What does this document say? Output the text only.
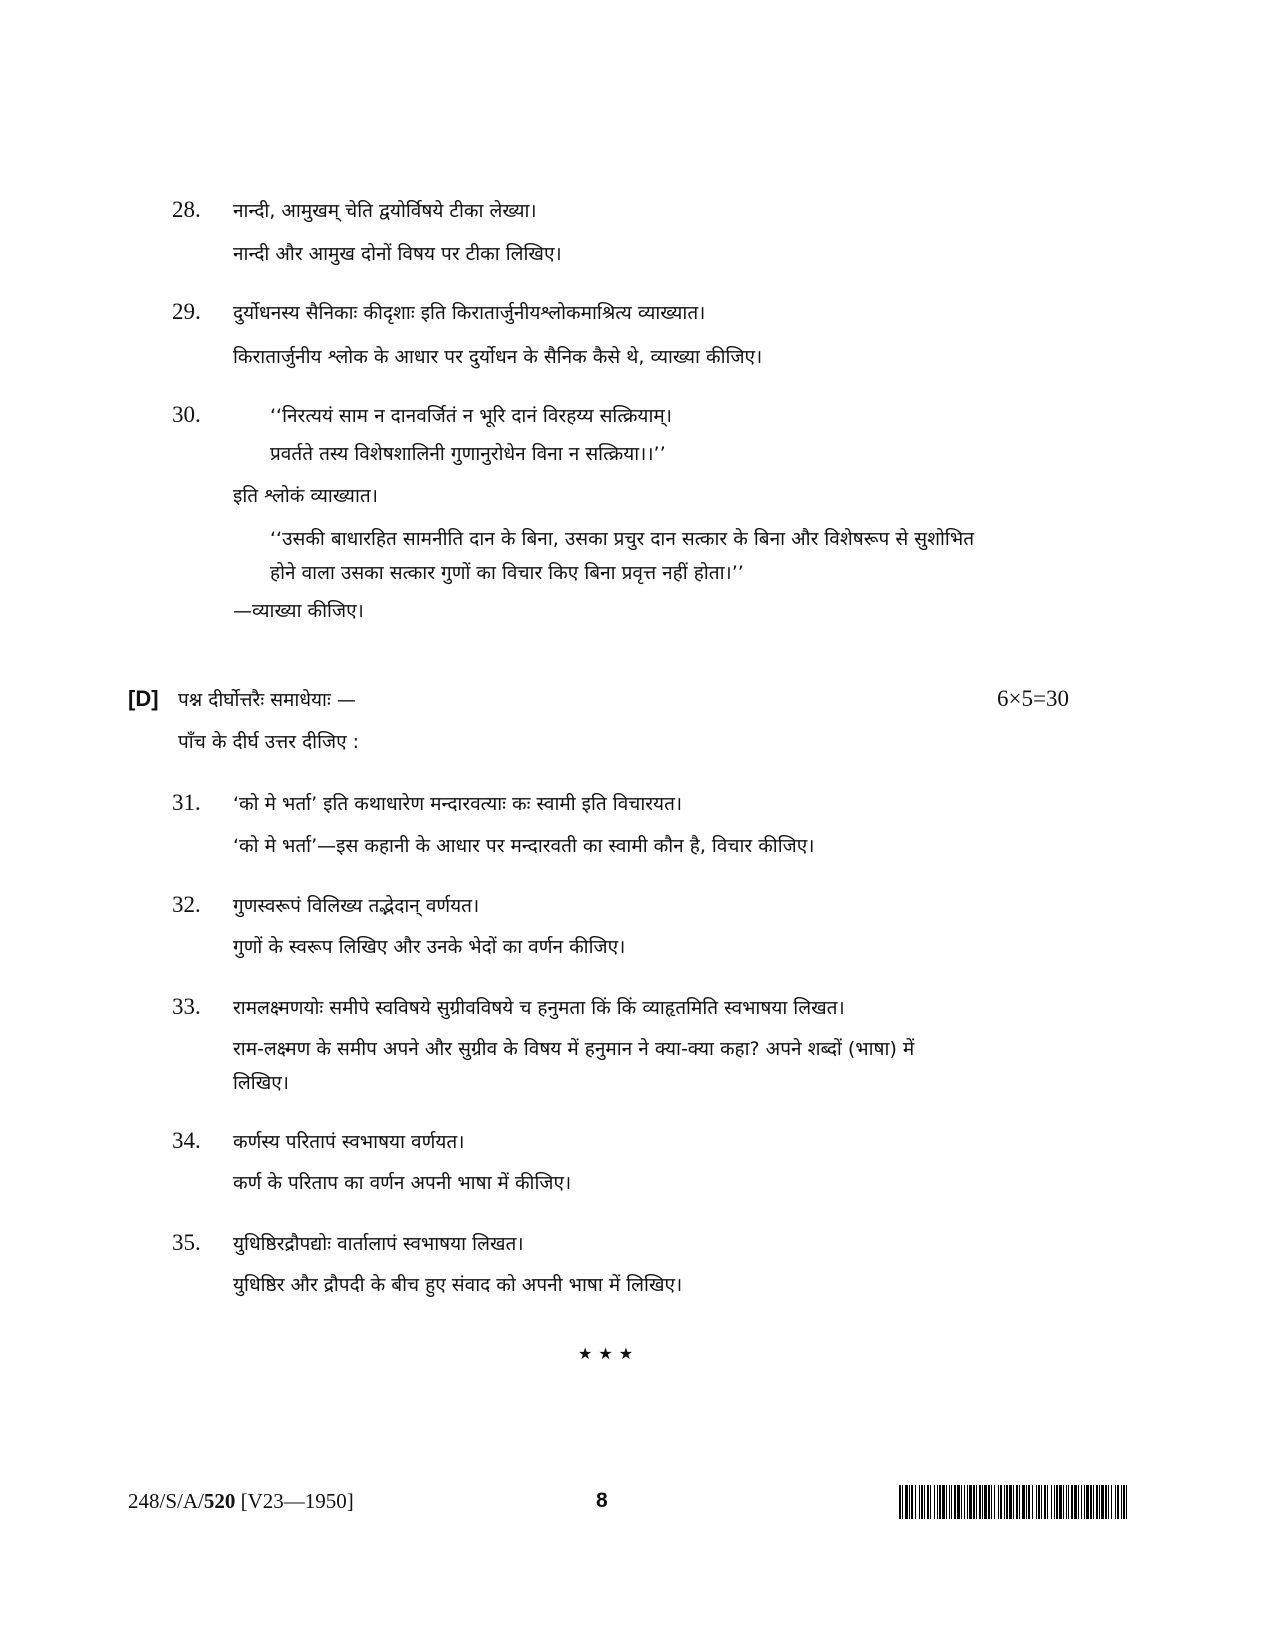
28. नान्दी, आमुखम् चेति द्वयोर्विषये टीका लेख्या।
नान्दी और आमुख दोनों विषय पर टीका लिखिए।
29. दुर्योधनस्य सैनिकाः कीदृशाः इति किरातार्जुनीयश्लोकमाश्रित्य व्याख्यात।
किरातार्जुनीय श्लोक के आधार पर दुर्योधन के सैनिक कैसे थे, व्याख्या कीजिए।
30.	‘‘निरत्ययं साम न दानवर्जितं न भूरि दानं विरहय्य सत्क्रियाम्।
प्रवर्तते तस्य विशेषशालिनी गुणानुरोधेन विना न सत्क्रिया।।’’
इति श्लोकं व्याख्यात।
‘‘उसकी बाधारहित सामनीति दान के बिना, उसका प्रचुर दान सत्कार के बिना और विशेषरूप से सुशोभित
होने वाला उसका सत्कार गुणों का विचार किए बिना प्रवृत्त नहीं होता।’’
—व्याख्या कीजिए।
[D] पश्न दीर्घोत्तरैः समाधेयाः —	6×5=30
पाँच के दीर्घ उत्तर दीजिए :
31. ‘को मे भर्ता’ इति कथाधारेण मन्दारवत्याः कः स्वामी इति विचारयत।
‘को मे भर्ता’—इस कहानी के आधार पर मन्दारवती का स्वामी कौन है, विचार कीजिए।
32. गुणस्वरूपं विलिख्य तद्भेदान् वर्णयत।
गुणों के स्वरूप लिखिए और उनके भेदों का वर्णन कीजिए।
33. रामलक्ष्मणयोः समीपे स्वविषये सुग्रीवविषये च हनुमता किं किं व्याहृतमिति स्वभाषया लिखत।
राम-लक्ष्मण के समीप अपने और सुग्रीव के विषय में हनुमान ने क्या-क्या कहा? अपने शब्दों (भाषा) में
लिखिए।
34. कर्णस्य परितापं स्वभाषया वर्णयत।
कर्ण के परिताप का वर्णन अपनी भाषा में कीजिए।
35. युधिष्ठिरद्रौपद्योः वार्तालापं स्वभाषया लिखत।
युधिष्ठिर और द्रौपदी के बीच हुए संवाद को अपनी भाषा में लिखिए।
★★★
248/S/A/520 [V23—1950]	8
